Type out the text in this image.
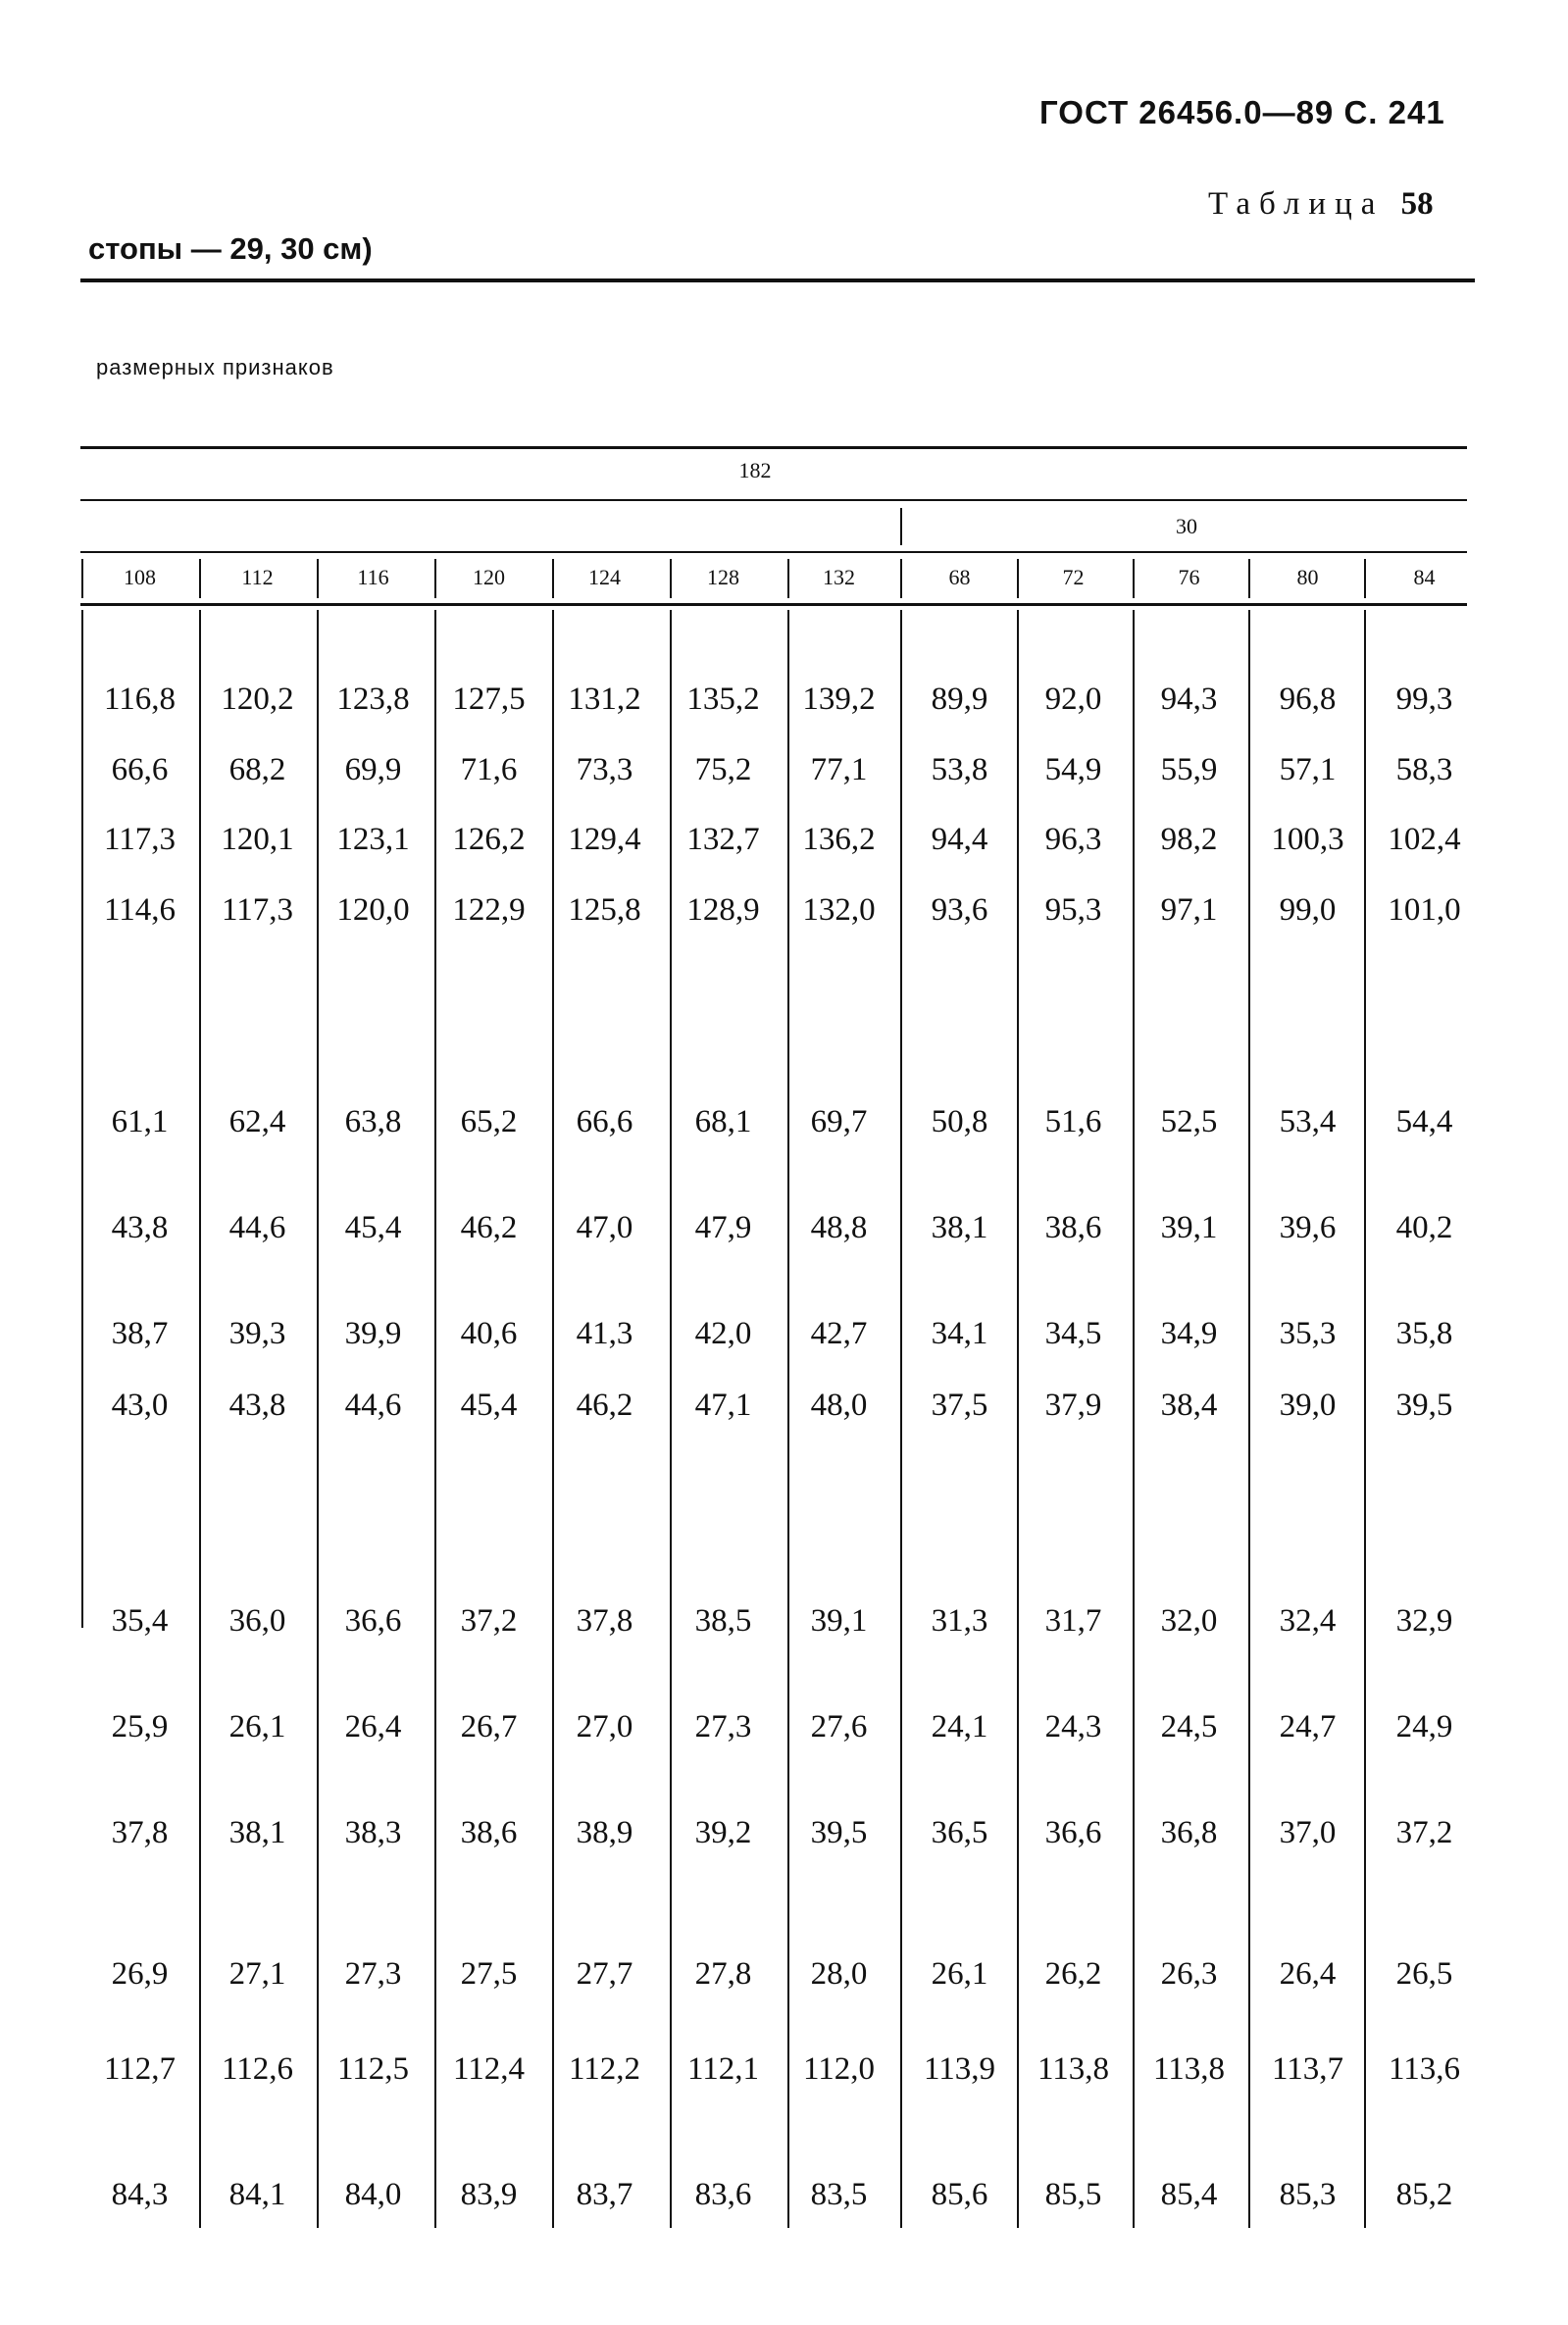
ГОСТ 26456.0—89 С. 241
Таблица 58
стопы — 29, 30 см)
размерных признаков
182
30
108	112	116	120	124	128	132	68	72	76	80	84
116,8	120,2	123,8	127,5	131,2	135,2	139,2	89,9	92,0	94,3	96,8	99,3
66,6	68,2	69,9	71,6	73,3	75,2	77,1	53,8	54,9	55,9	57,1	58,3
117,3	120,1	123,1	126,2	129,4	132,7	136,2	94,4	96,3	98,2	100,3	102,4
114,6	117,3	120,0	122,9	125,8	128,9	132,0	93,6	95,3	97,1	99,0	101,0
61,1	62,4	63,8	65,2	66,6	68,1	69,7	50,8	51,6	52,5	53,4	54,4
43,8	44,6	45,4	46,2	47,0	47,9	48,8	38,1	38,6	39,1	39,6	40,2
38,7	39,3	39,9	40,6	41,3	42,0	42,7	34,1	34,5	34,9	35,3	35,8
43,0	43,8	44,6	45,4	46,2	47,1	48,0	37,5	37,9	38,4	39,0	39,5
35,4	36,0	36,6	37,2	37,8	38,5	39,1	31,3	31,7	32,0	32,4	32,9
25,9	26,1	26,4	26,7	27,0	27,3	27,6	24,1	24,3	24,5	24,7	24,9
37,8	38,1	38,3	38,6	38,9	39,2	39,5	36,5	36,6	36,8	37,0	37,2
26,9	27,1	27,3	27,5	27,7	27,8	28,0	26,1	26,2	26,3	26,4	26,5
112,7	112,6	112,5	112,4	112,2	112,1	112,0	113,9	113,8	113,8	113,7	113,6
84,3	84,1	84,0	83,9	83,7	83,6	83,5	85,6	85,5	85,4	85,3	85,2
